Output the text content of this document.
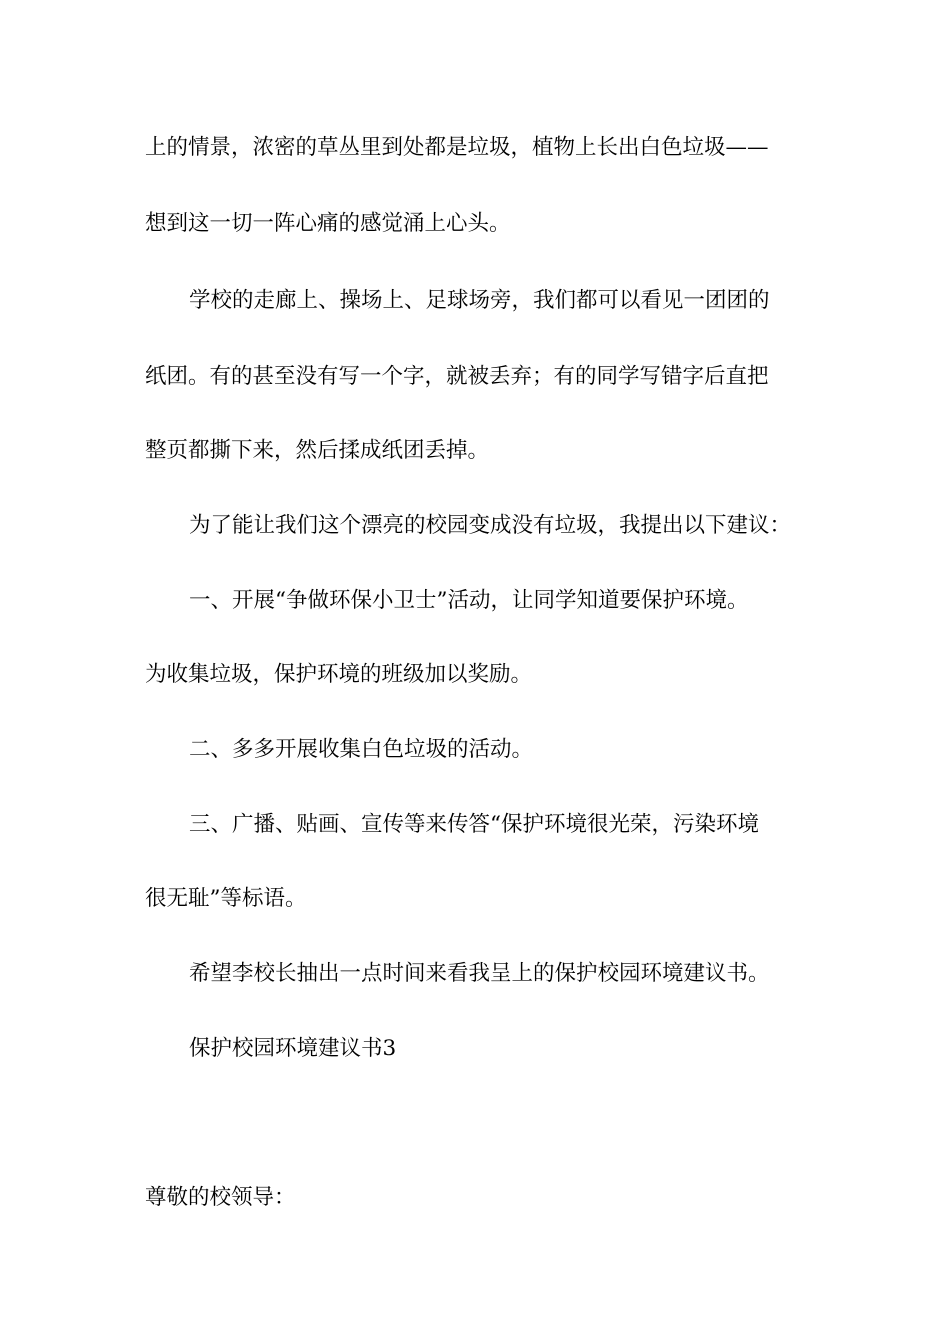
上的情景，浓密的草丛里到处都是垃圾，植物上长出白色垃圾——
想到这一切一阵心痛的感觉涌上心头。
学校的走廊上、操场上、足球场旁，我们都可以看见一团团的
纸团。有的甚至没有写一个字，就被丢弃；有的同学写错字后直把
整页都撕下来，然后揉成纸团丢掉。
为了能让我们这个漂亮的校园变成没有垃圾，我提出以下建议：
一、开展“争做环保小卫士”活动，让同学知道要保护环境。
为收集垃圾，保护环境的班级加以奖励。
二、多多开展收集白色垃圾的活动。
三、广播、贴画、宣传等来传答“保护环境很光荣，污染环境
很无耻”等标语。
希望李校长抽出一点时间来看我呈上的保护校园环境建议书。
保护校园环境建议书3
尊敬的校领导：
